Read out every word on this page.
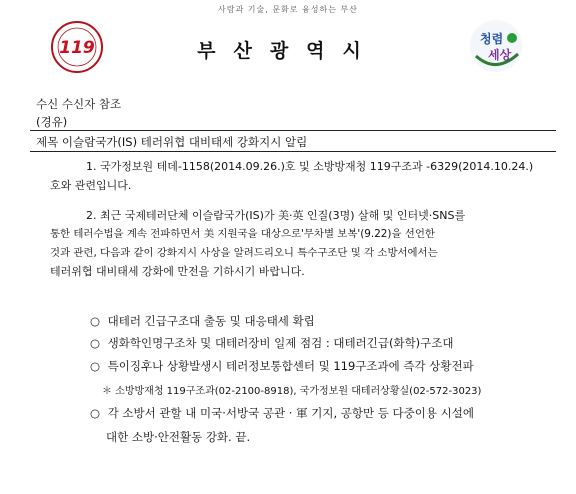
사람과 기술, 문화로 융성하는 부산
119	부산광역시
청렴
세상
수신 수신자 참조
(경유)
제목 이슬람국가(IS) 테러위협 대비태세 강화지시 알림
1. 국가정보원 테데-1158(2014.09.26.)호 및 소방방재청 119구조과 -6329(2014.10.24.)
호와 관련입니다.
2. 최근 국제테러단체 이슬람국가(IS)가 美·英 인질(3명) 살해 및 인터넷·SNS를
통한 테러수법을 계속 전파하면서 美 지원국을 대상으로'무차별 보복'(9.22)을 선언한
것과 관련, 다음과 같이 강화지시 사상을 알려드리오니 특수구조단 및 각 소방서에서는
테러위협 대비태세 강화에 만전을 기하시기 바랍니다.
○ 대테러 긴급구조대 출동 및 대응태세 확립
○ 생화학인명구조차 및 대테러장비 일제 점검 : 대테러긴급(화학)구조대
○ 특이징후나 상황발생시 테러정보통합센터 및 119구조과에 즉각 상황전파
＊ 소방방재청 119구조과(02-2100-8918), 국가정보원 대테러상황실(02-572-3023)
○ 각 소방서 관할 내 미국·서방국 공관 · 軍 기지, 공항만 등 다중이용 시설에
대한 소방·안전활동 강화. 끝.
